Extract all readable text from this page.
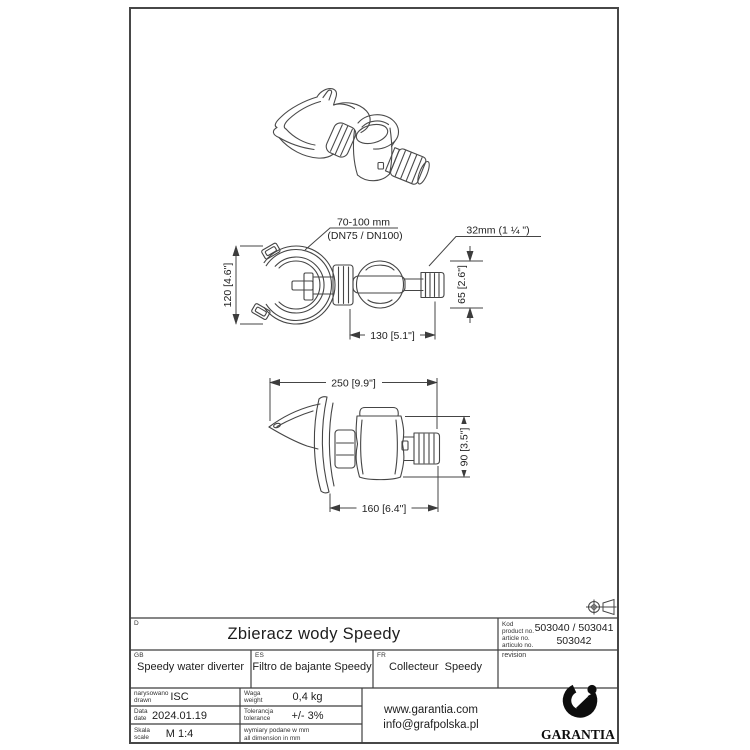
120 [4.6"]	65 [2.6"]
130 [5.1"]
70-100 mm
(DN75 / DN100)	32mm (1 ¼ ")
250 [9.9"]
90 [3.5"]
160 [6.4"]
GARANTIA
D
Zbieracz wody Speedy
Kod
product no.
article no.
articulo no.
503040 / 503041
503042
GB
Speedy water diverter
ES
Filtro de bajante Speedy
FR
Collecteur  Speedy
revision
narysowano
drawn	ISC
Data
date 2024.01.19
Skala
scale	M 1:4
Waga
weight	0,4 kg
Tolerancja
tolerance	+/- 3%
wymiary podane w mm
all dimension in mm
www.garantia.com
info@grafpolska.pl
